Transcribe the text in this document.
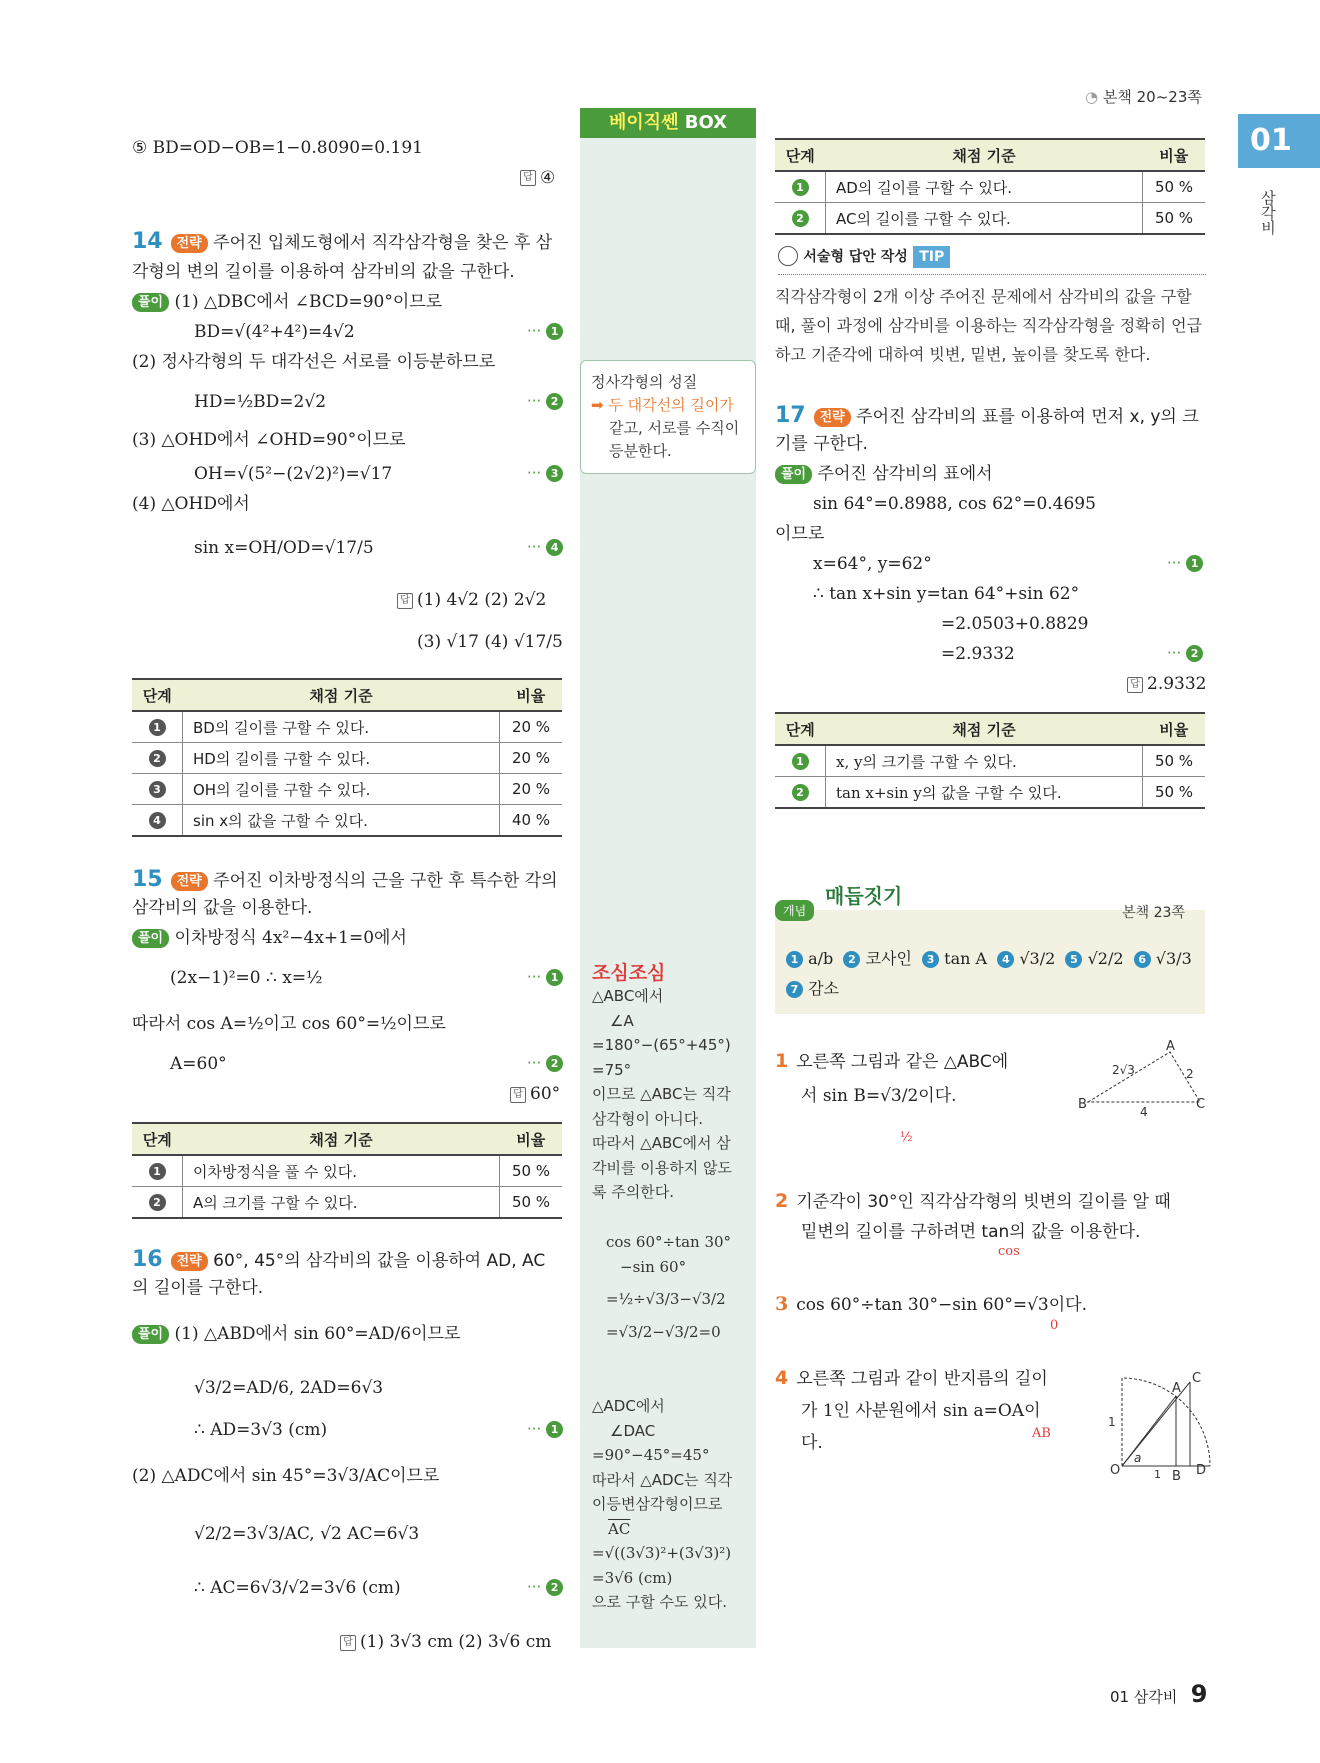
◔ 본책 20~23쪽
01
삼각비
베이직쎈 BOX
정사각형의 성질
➡ 두 대각선의 길이가
같고, 서로를 수직이
등분한다.
조심조심
△ABC에서
∠A
=180°−(65°+45°)
=75°
이므로 △ABC는 직각
삼각형이 아니다.
따라서 △ABC에서 삼
각비를 이용하지 않도
록 주의한다.
cos 60°÷tan 30°
−sin 60°
=½÷√3/3−√3/2
=√3/2−√3/2=0
△ADC에서
∠DAC
=90°−45°=45°
따라서 △ADC는 직각
이등변삼각형이므로
$\overline{AC}$
=√((3√3)²+(3√3)²)
=3√6 (cm)
으로 구할 수도 있다.
⑤ BD=OD−OB=1−0.8090=0.191
답 ④
14 전략 주어진 입체도형에서 직각삼각형을 찾은 후 삼
각형의 변의 길이를 이용하여 삼각비의 값을 구한다.
풀이 (1) △DBC에서 ∠BCD=90°이므로
BD=√(4²+4²)=4√2	··· 1
(2) 정사각형의 두 대각선은 서로를 이등분하므로
HD=½BD=2√2	··· 2
(3) △OHD에서 ∠OHD=90°이므로
OH=√(5²−(2√2)²)=√17	··· 3
(4) △OHD에서
sin x=OH/OD=√17/5	··· 4
답 (1) 4√2 (2) 2√2
(3) √17 (4) √17/5
단계	채점 기준	비율
1	BD의 길이를 구할 수 있다.	20 %
2	HD의 길이를 구할 수 있다.	20 %
3	OH의 길이를 구할 수 있다.	20 %
4	sin x의 값을 구할 수 있다.	40 %
15 전략 주어진 이차방정식의 근을 구한 후 특수한 각의
삼각비의 값을 이용한다.
풀이 이차방정식 4x²−4x+1=0에서
(2x−1)²=0 ∴ x=½	··· 1
따라서 cos A=½이고 cos 60°=½이므로
A=60°	··· 2
답 60°
단계	채점 기준	비율
1	이차방정식을 풀 수 있다.	50 %
2	A의 크기를 구할 수 있다.	50 %
16 전략 60°, 45°의 삼각비의 값을 이용하여 AD, AC
의 길이를 구한다.
풀이 (1) △ABD에서 sin 60°=AD/6이므로
√3/2=AD/6, 2AD=6√3
∴ AD=3√3 (cm)	··· 1
(2) △ADC에서 sin 45°=3√3/AC이므로
√2/2=3√3/AC, √2 AC=6√3
∴ AC=6√3/√2=3√6 (cm)	··· 2
답 (1) 3√3 cm (2) 3√6 cm
단계	채점 기준	비율
1	AD의 길이를 구할 수 있다.	50 %
2	AC의 길이를 구할 수 있다.	50 %
서술형 답안 작성 TIP
직각삼각형이 2개 이상 주어진 문제에서 삼각비의 값을 구할
때, 풀이 과정에 삼각비를 이용하는 직각삼각형을 정확히 언급
하고 기준각에 대하여 빗변, 밑변, 높이를 찾도록 한다.
17 전략 주어진 삼각비의 표를 이용하여 먼저 x, y의 크
기를 구한다.
풀이 주어진 삼각비의 표에서
sin 64°=0.8988, cos 62°=0.4695
이므로
x=64°, y=62°	··· 1
∴ tan x+sin y=tan 64°+sin 62°
=2.0503+0.8829
=2.9332	··· 2
답 2.9332
단계	채점 기준	비율
1	x, y의 크기를 구할 수 있다.	50 %
2	tan x+sin y의 값을 구할 수 있다.	50 %
개념
매듭짓기
본책 23쪽
1 a/b 2 코사인 3 tan A 4 √3/2 5 √2/2 6 √3/3
7 감소
1 오른쪽 그림과 같은 △ABC에
서 sin B=√3/2이다.
½
A
B	C
2√3	2
4
2 기준각이 30°인 직각삼각형의 빗변의 길이를 알 때
밑변의 길이를 구하려면 tan의 값을 이용한다.
cos
3 cos 60°÷tan 30°−sin 60°=√3이다.
0
4 오른쪽 그림과 같이 반지름의 길이
가 1인 사분원에서 sin a=OA이
다.	AB
A
C
O	D
B
a
1
1
01 삼각비 9
